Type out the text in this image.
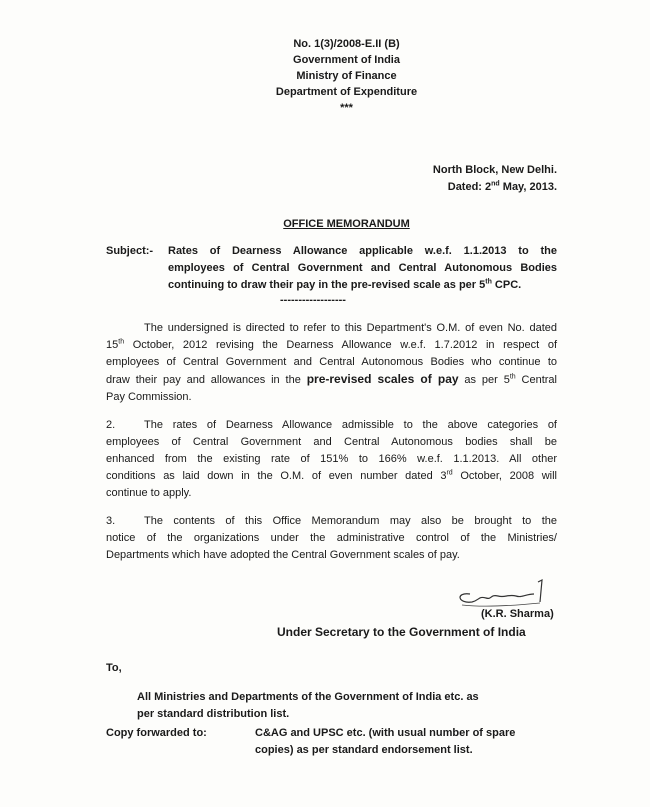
No. 1(3)/2008-E.II (B)
Government of India
Ministry of Finance
Department of Expenditure
***
North Block, New Delhi.
Dated: 2nd May, 2013.
OFFICE MEMORANDUM
Subject:-	Rates of Dearness Allowance applicable w.e.f. 1.1.2013 to the
employees of Central Government and Central Autonomous Bodies
continuing to draw their pay in the pre-revised scale as per 5th CPC.
------------------
The undersigned is directed to refer to this Department's O.M. of even No. dated
15th October, 2012 revising the Dearness Allowance w.e.f. 1.7.2012 in respect of
employees of Central Government and Central Autonomous Bodies who continue to
draw their pay and allowances in the pre-revised scales of pay as per 5th Central
Pay Commission.
2.	The rates of Dearness Allowance admissible to the above categories of
employees of Central Government and Central Autonomous bodies shall be
enhanced from the existing rate of 151% to 166% w.e.f. 1.1.2013. All other
conditions as laid down in the O.M. of even number dated 3rd October, 2008 will
continue to apply.
3.	The contents of this Office Memorandum may also be brought to the
notice of the organizations under the administrative control of the Ministries/
Departments which have adopted the Central Government scales of pay.
(K.R. Sharma)
Under Secretary to the Government of India
To,
All Ministries and Departments of the Government of India etc. as
per standard distribution list.
Copy forwarded to:	C&AG and UPSC etc. (with usual number of spare
copies) as per standard endorsement list.
